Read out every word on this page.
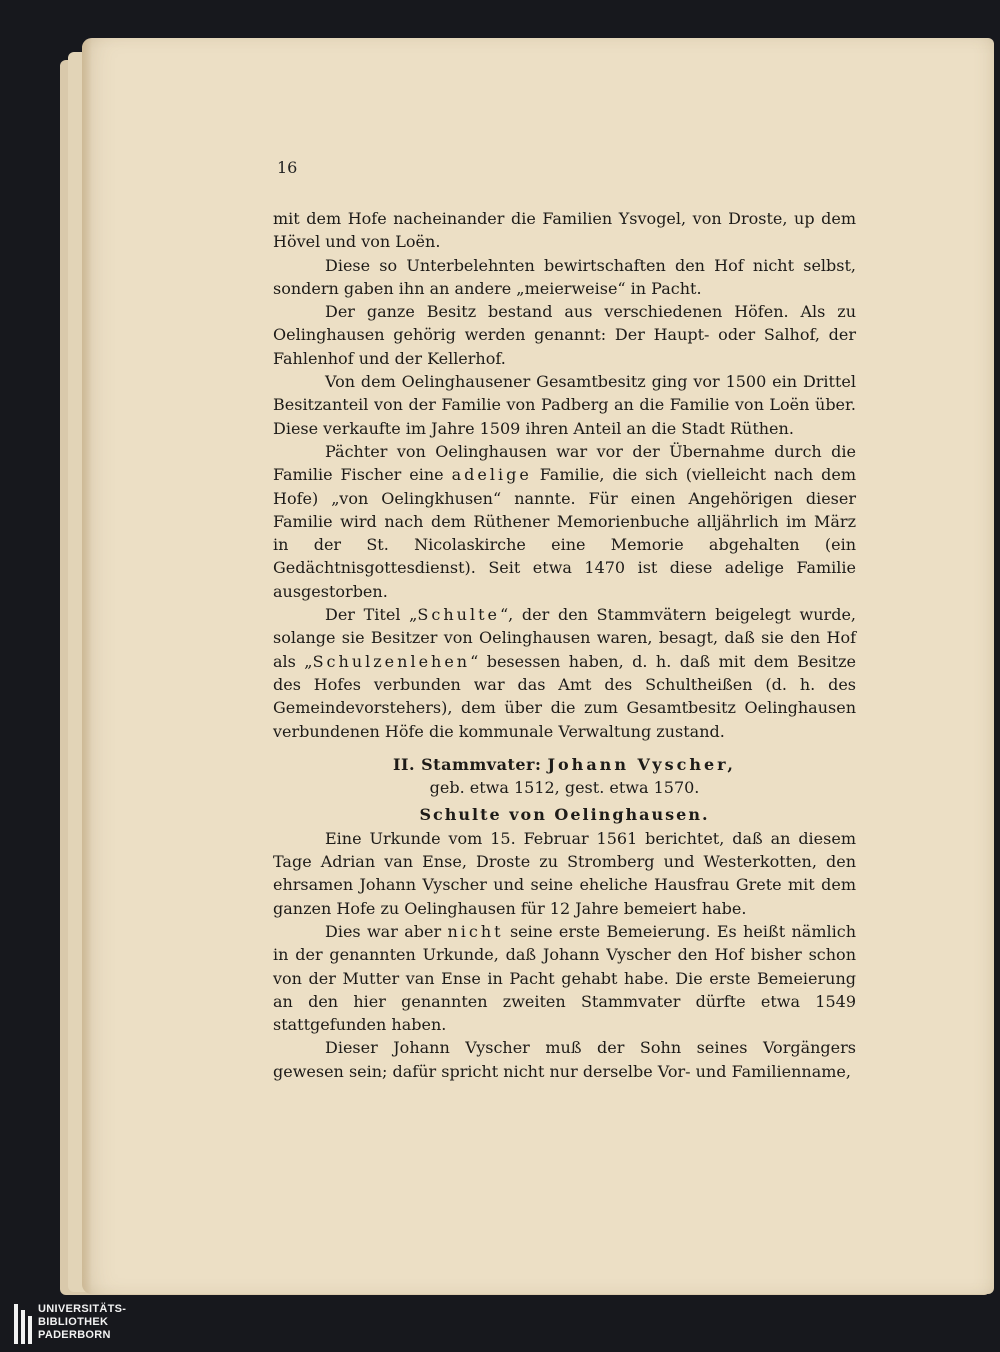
16

mit dem Hofe nacheinander die Familien Ysvogel, von Droste, up dem Hövel und von Loën.

Diese so Unterbelehnten bewirtschaften den Hof nicht selbst, sondern gaben ihn an andere „meierweise“ in Pacht.

Der ganze Besitz bestand aus verschiedenen Höfen. Als zu Oelinghausen gehörig werden genannt: Der Haupt- oder Salhof, der Fahlenhof und der Kellerhof.

Von dem Oelinghausener Gesamtbesitz ging vor 1500 ein Drittel Besitzanteil von der Familie von Padberg an die Familie von Loën über. Diese verkaufte im Jahre 1509 ihren Anteil an die Stadt Rüthen.

Pächter von Oelinghausen war vor der Übernahme durch die Familie Fischer eine adelige Familie, die sich (vielleicht nach dem Hofe) „von Oelingkhusen“ nannte. Für einen Angehörigen dieser Familie wird nach dem Rüthener Memorienbuche alljährlich im März in der St. Nicolaskirche eine Memorie abgehalten (ein Gedächtnisgottesdienst). Seit etwa 1470 ist diese adelige Familie ausgestorben.

Der Titel „Schulte“, der den Stammvätern beigelegt wurde, solange sie Besitzer von Oelinghausen waren, besagt, daß sie den Hof als „Schulzenlehen“ besessen haben, d. h. daß mit dem Besitze des Hofes verbunden war das Amt des Schultheißen (d. h. des Gemeindevorstehers), dem über die zum Gesamtbesitz Oelinghausen verbundenen Höfe die kommunale Verwaltung zustand.

II. Stammvater: Johann Vyscher,

geb. etwa 1512, gest. etwa 1570.

Schulte von Oelinghausen.

Eine Urkunde vom 15. Februar 1561 berichtet, daß an diesem Tage Adrian van Ense, Droste zu Stromberg und Westerkotten, den ehrsamen Johann Vyscher und seine eheliche Hausfrau Grete mit dem ganzen Hofe zu Oelinghausen für 12 Jahre bemeiert habe.

Dies war aber nicht seine erste Bemeierung. Es heißt nämlich in der genannten Urkunde, daß Johann Vyscher den Hof bisher schon von der Mutter van Ense in Pacht gehabt habe. Die erste Bemeierung an den hier genannten zweiten Stammvater dürfte etwa 1549 stattgefunden haben.

Dieser Johann Vyscher muß der Sohn seines Vorgängers gewesen sein; dafür spricht nicht nur derselbe Vor- und Familienname,

UNIVERSITÄTS-
BIBLIOTHEK
PADERBORN
